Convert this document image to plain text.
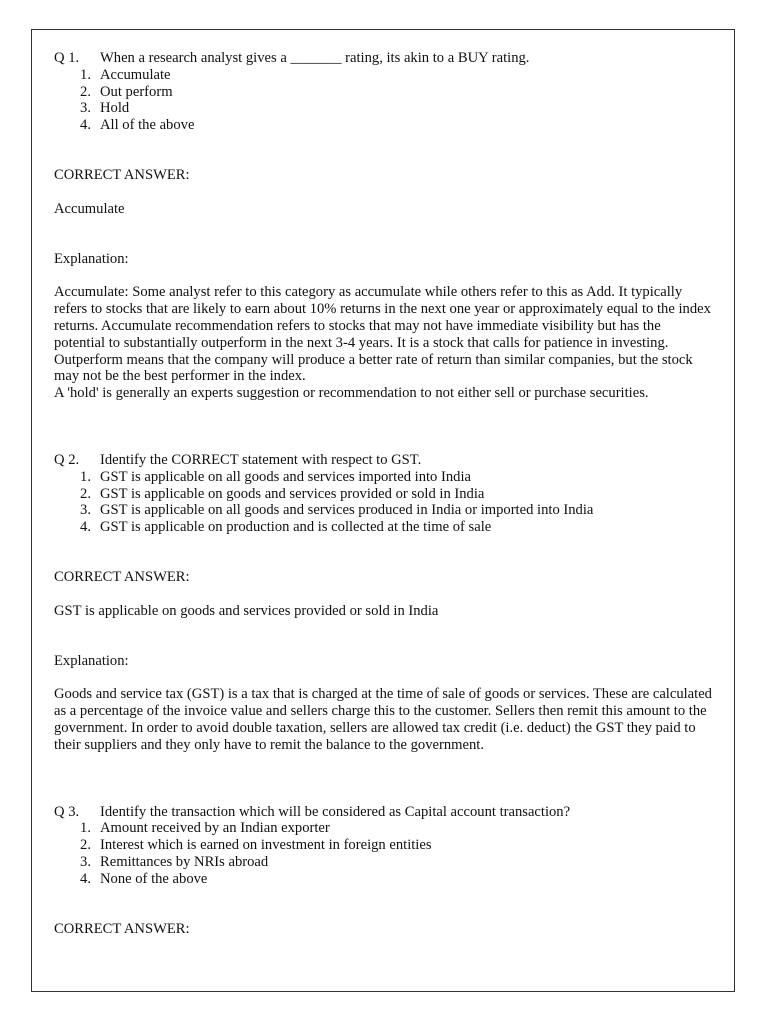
Q 1.	When a research analyst gives a _______ rating, its akin to a BUY rating.
1. Accumulate
2. Out perform
3. Hold
4. All of the above

CORRECT ANSWER:

Accumulate

Explanation:

Accumulate: Some analyst refer to this category as accumulate while others refer to this as Add. It typically refers to stocks that are likely to earn about 10% returns in the next one year or approximately equal to the index returns. Accumulate recommendation refers to stocks that may not have immediate visibility but has the potential to substantially outperform in the next 3-4 years. It is a stock that calls for patience in investing.

Outperform means that the company will produce a better rate of return than similar companies, but the stock may not be the best performer in the index.

A 'hold' is generally an experts suggestion or recommendation to not either sell or purchase securities.

Q 2.	Identify the CORRECT statement with respect to GST.
1. GST is applicable on all goods and services imported into India
2. GST is applicable on goods and services provided or sold in India
3. GST is applicable on all goods and services produced in India or imported into India
4. GST is applicable on production and is collected at the time of sale

CORRECT ANSWER:

GST is applicable on goods and services provided or sold in India

Explanation:

Goods and service tax (GST) is a tax that is charged at the time of sale of goods or services. These are calculated as a percentage of the invoice value and sellers charge this to the customer. Sellers then remit this amount to the government. In order to avoid double taxation, sellers are allowed tax credit (i.e. deduct) the GST they paid to their suppliers and they only have to remit the balance to the government.

Q 3.	Identify the transaction which will be considered as Capital account transaction?
1. Amount received by an Indian exporter
2. Interest which is earned on investment in foreign entities
3. Remittances by NRIs abroad
4. None of the above

CORRECT ANSWER:
